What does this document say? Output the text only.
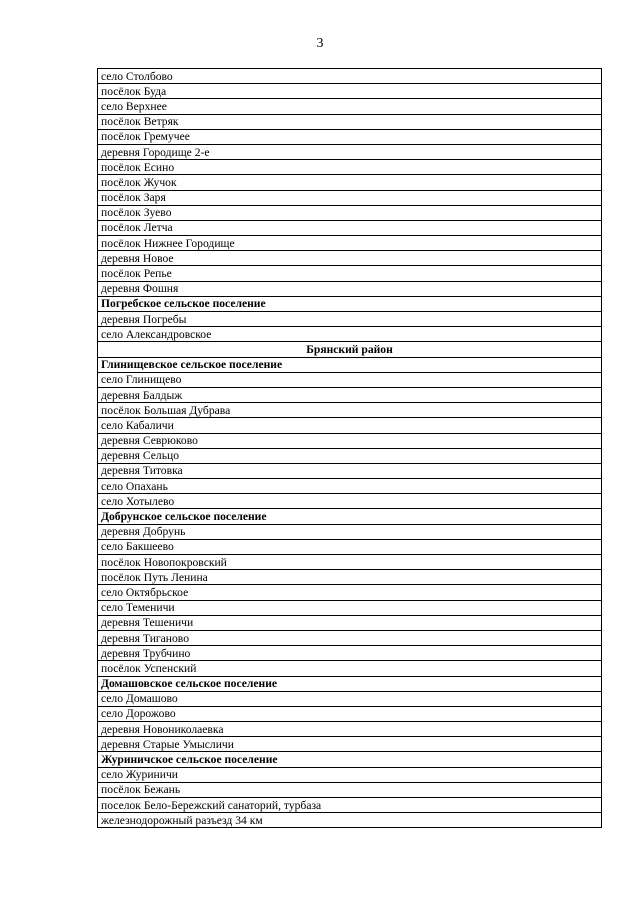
3
село Столбово
посёлок Буда
село Верхнее
посёлок Ветряк
посёлок Гремучее
деревня Городище 2-е
посёлок Есино
посёлок Жучок
посёлок Заря
посёлок Зуево
посёлок Летча
посёлок Нижнее Городище
деревня Новое
посёлок Репье
деревня Фошня
Погребское сельское поселение
деревня Погребы
село Александровское
Брянский район
Глинищевское сельское поселение
село Глинищево
деревня Балдыж
посёлок Большая Дубрава
село Кабаличи
деревня Севрюково
деревня Сельцо
деревня Титовка
село Опахань
село Хотылево
Добрунское сельское поселение
деревня Добрунь
село Бакшеево
посёлок Новопокровский
посёлок Путь Ленина
село Октябрьское
село Теменичи
деревня Тешеничи
деревня Тиганово
деревня Трубчино
посёлок Успенский
Домашовское сельское поселение
село Домашово
село Дорожово
деревня Новониколаевка
деревня Старые Умысличи
Журиничское сельское поселение
село Журиничи
посёлок Бежань
поселок Бело-Бережский санаторий, турбаза
железнодорожный разъезд 34 км
